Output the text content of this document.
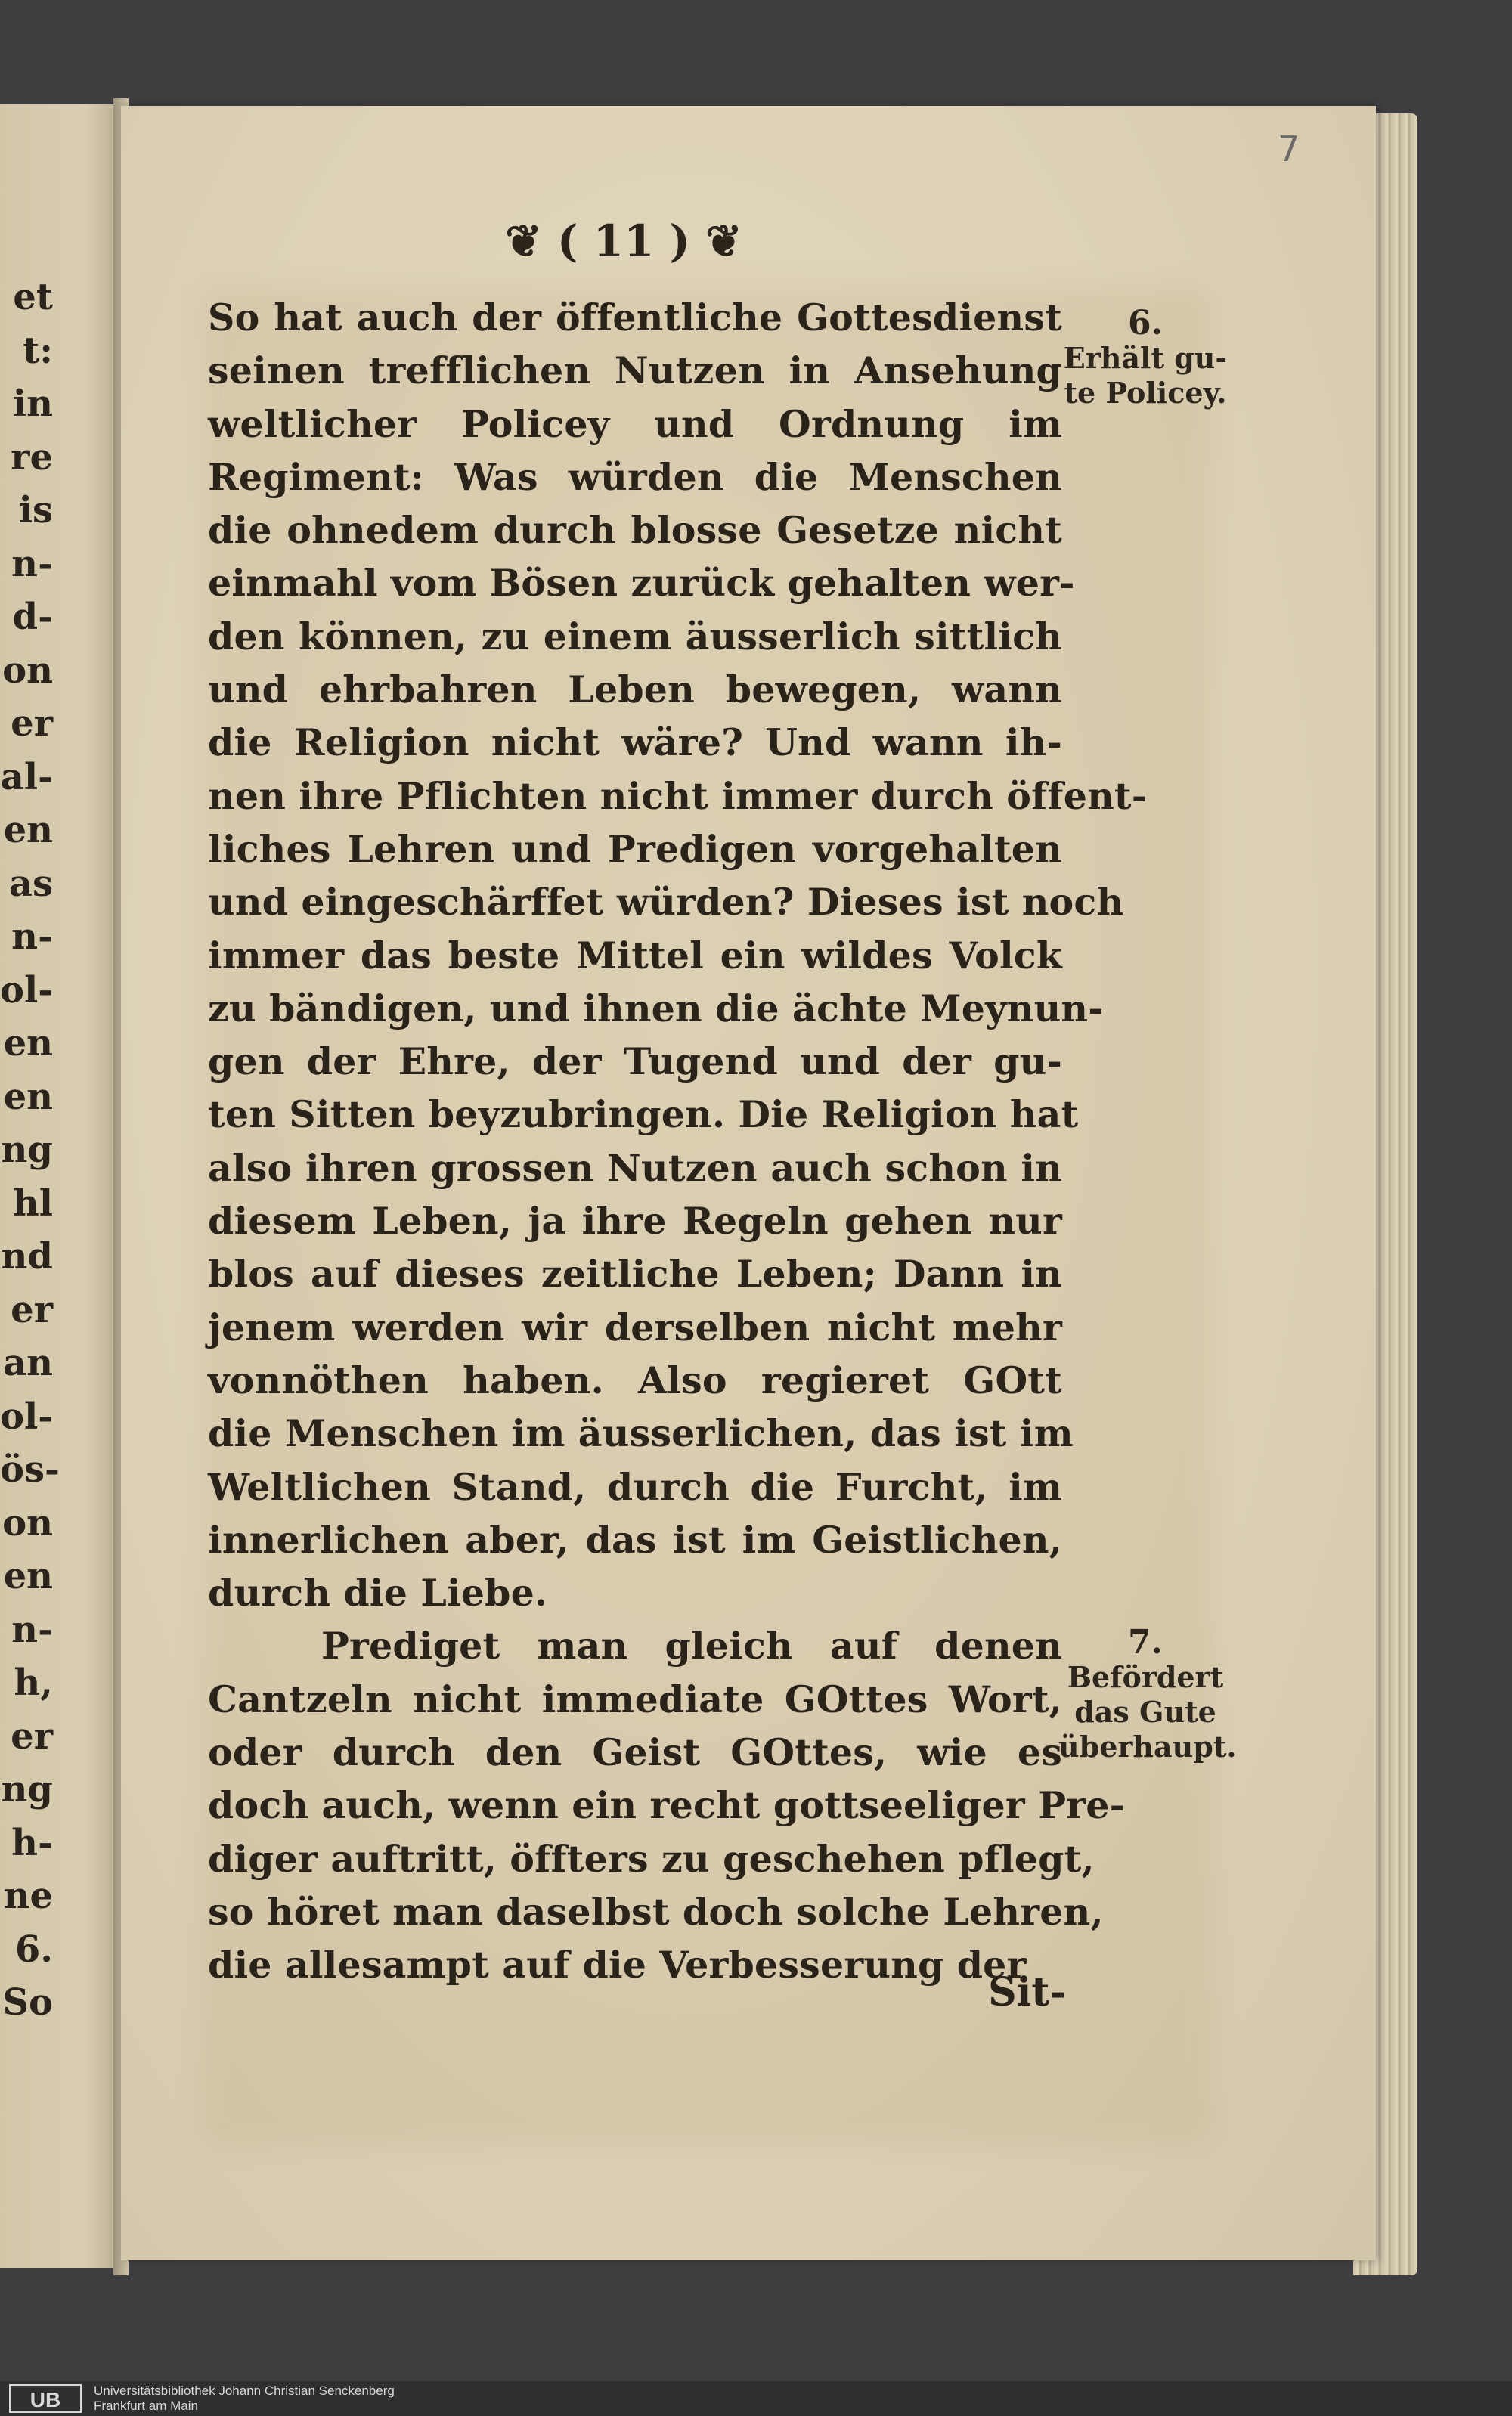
et
t:
in
re
is
n-
d-
on
er
al-
en
as
n-
ol-
en
en
ng
hl
nd
er
an
ol-
ös-
on
en
n-
h,
er
ng
h-
ne
6.
So
7
❦ ( 11 ) ❦
So hat auch der öffentliche Gottesdienst
seinen trefflichen Nutzen in Ansehung
weltlicher Policey und Ordnung im
Regiment: Was würden die Menschen
die ohnedem durch blosse Gesetze nicht
einmahl vom Bösen zurück gehalten wer-
den können, zu einem äusserlich sittlich
und ehrbahren Leben bewegen, wann
die Religion nicht wäre? Und wann ih-
nen ihre Pflichten nicht immer durch öffent-
liches Lehren und Predigen vorgehalten
und eingeschärffet würden? Dieses ist noch
immer das beste Mittel ein wildes Volck
zu bändigen, und ihnen die ächte Meynun-
gen der Ehre, der Tugend und der gu-
ten Sitten beyzubringen. Die Religion hat
also ihren grossen Nutzen auch schon in
diesem Leben, ja ihre Regeln gehen nur
blos auf dieses zeitliche Leben; Dann in
jenem werden wir derselben nicht mehr
vonnöthen haben. Also regieret GOtt
die Menschen im äusserlichen, das ist im
Weltlichen Stand, durch die Furcht, im
innerlichen aber, das ist im Geistlichen,
durch die Liebe.
Prediget man gleich auf denen
Cantzeln nicht immediate GOttes Wort,
oder durch den Geist GOttes, wie es
doch auch, wenn ein recht gottseeliger Pre-
diger auftritt, öffters zu geschehen pflegt,
so höret man daselbst doch solche Lehren,
die allesampt auf die Verbesserung der
Sit-
6.
Erhält gu-
te Policey.
7.
Befördert
das Gute
überhaupt.
UB	Universitätsbibliothek Johann Christian Senckenberg
Frankfurt am Main
